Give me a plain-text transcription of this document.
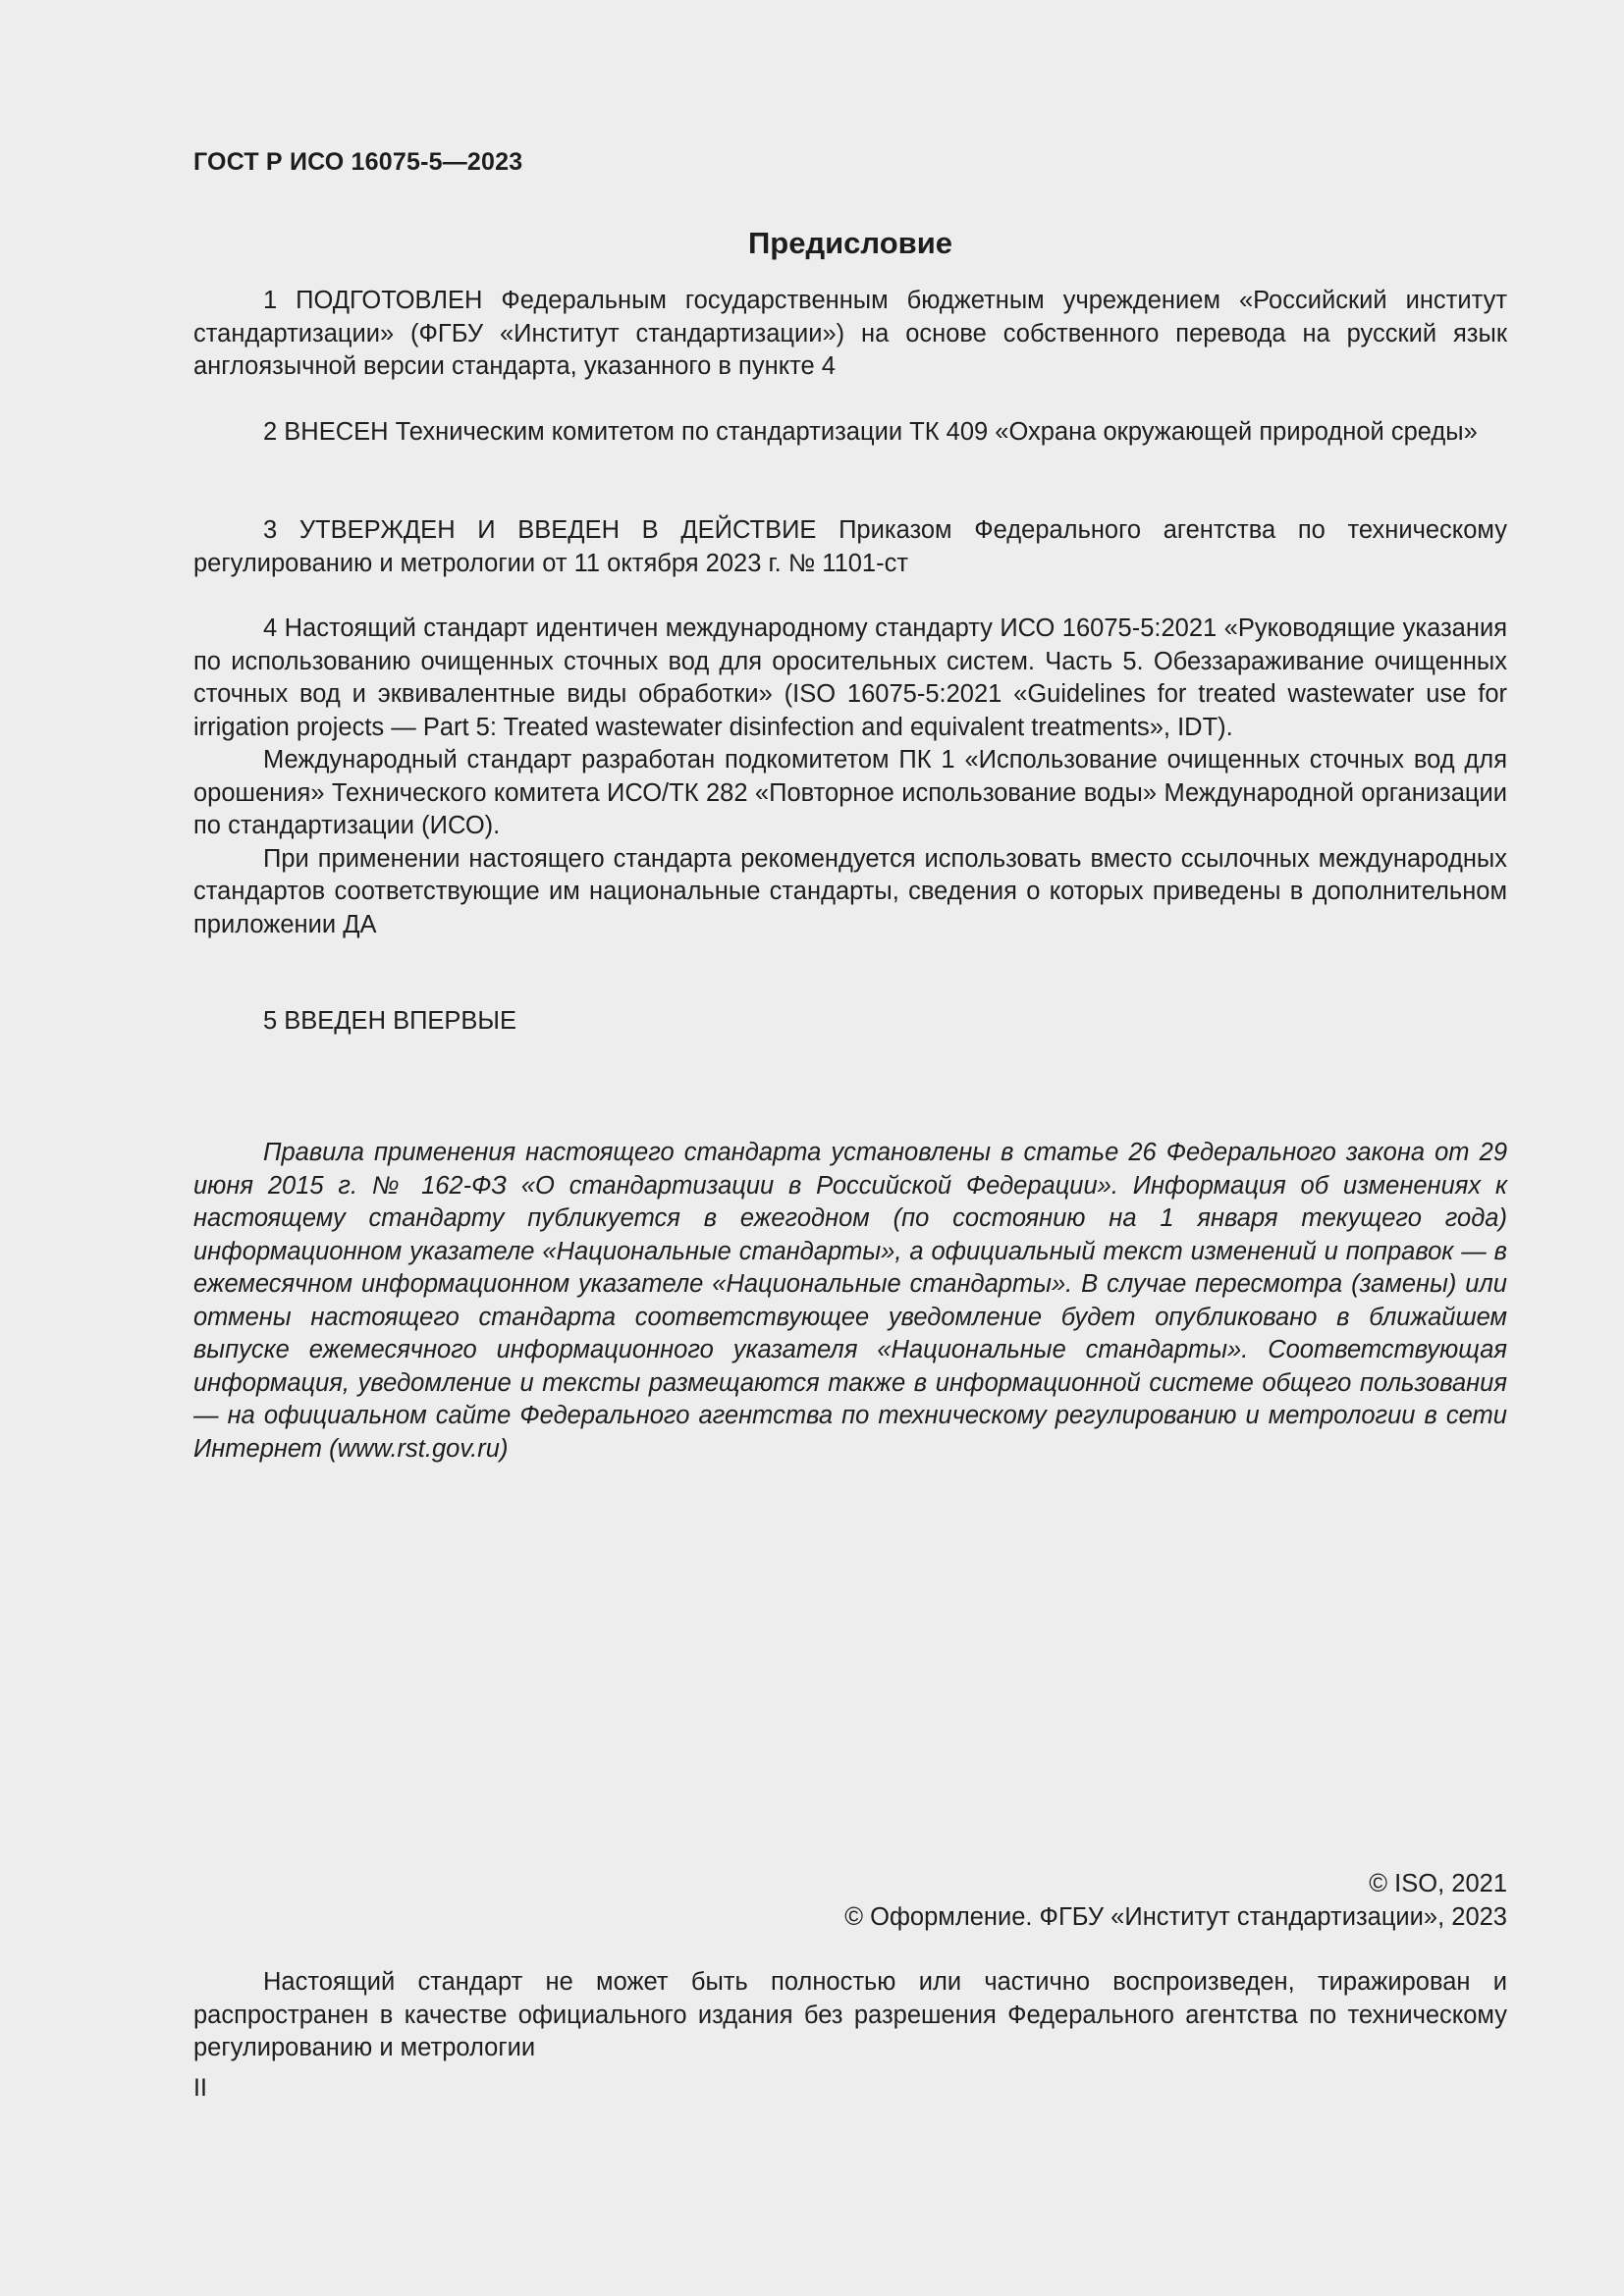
ГОСТ Р ИСО 16075-5—2023
Предисловие

1 ПОДГОТОВЛЕН Федеральным государственным бюджетным учреждением «Российский институт стандартизации» (ФГБУ «Институт стандартизации») на основе собственного перевода на русский язык англоязычной версии стандарта, указанного в пункте 4

2 ВНЕСЕН Техническим комитетом по стандартизации ТК 409 «Охрана окружающей природной среды»

3 УТВЕРЖДЕН И ВВЕДЕН В ДЕЙСТВИЕ Приказом Федерального агентства по техническому регулированию и метрологии от 11 октября 2023 г. № 1101-ст

4 Настоящий стандарт идентичен международному стандарту ИСО 16075-5:2021 «Руководящие указания по использованию очищенных сточных вод для оросительных систем. Часть 5. Обеззараживание очищенных сточных вод и эквивалентные виды обработки» (ISO 16075-5:2021 «Guidelines for treated wastewater use for irrigation projects — Part 5: Treated wastewater disinfection and equivalent treatments», IDT).

Международный стандарт разработан подкомитетом ПК 1 «Использование очищенных сточных вод для орошения» Технического комитета ИСО/ТК 282 «Повторное использование воды» Международной организации по стандартизации (ИСО).

При применении настоящего стандарта рекомендуется использовать вместо ссылочных международных стандартов соответствующие им национальные стандарты, сведения о которых приведены в дополнительном приложении ДА

5 ВВЕДЕН ВПЕРВЫЕ

Правила применения настоящего стандарта установлены в статье 26 Федерального закона от 29 июня 2015 г. № 162-ФЗ «О стандартизации в Российской Федерации». Информация об изменениях к настоящему стандарту публикуется в ежегодном (по состоянию на 1 января текущего года) информационном указателе «Национальные стандарты», а официальный текст изменений и поправок — в ежемесячном информационном указателе «Национальные стандарты». В случае пересмотра (замены) или отмены настоящего стандарта соответствующее уведомление будет опубликовано в ближайшем выпуске ежемесячного информационного указателя «Национальные стандарты». Соответствующая информация, уведомление и тексты размещаются также в информационной системе общего пользования — на официальном сайте Федерального агентства по техническому регулированию и метрологии в сети Интернет (www.rst.gov.ru)

© ISO, 2021

© Оформление. ФГБУ «Институт стандартизации», 2023

Настоящий стандарт не может быть полностью или частично воспроизведен, тиражирован и распространен в качестве официального издания без разрешения Федерального агентства по техническому регулированию и метрологии

II
